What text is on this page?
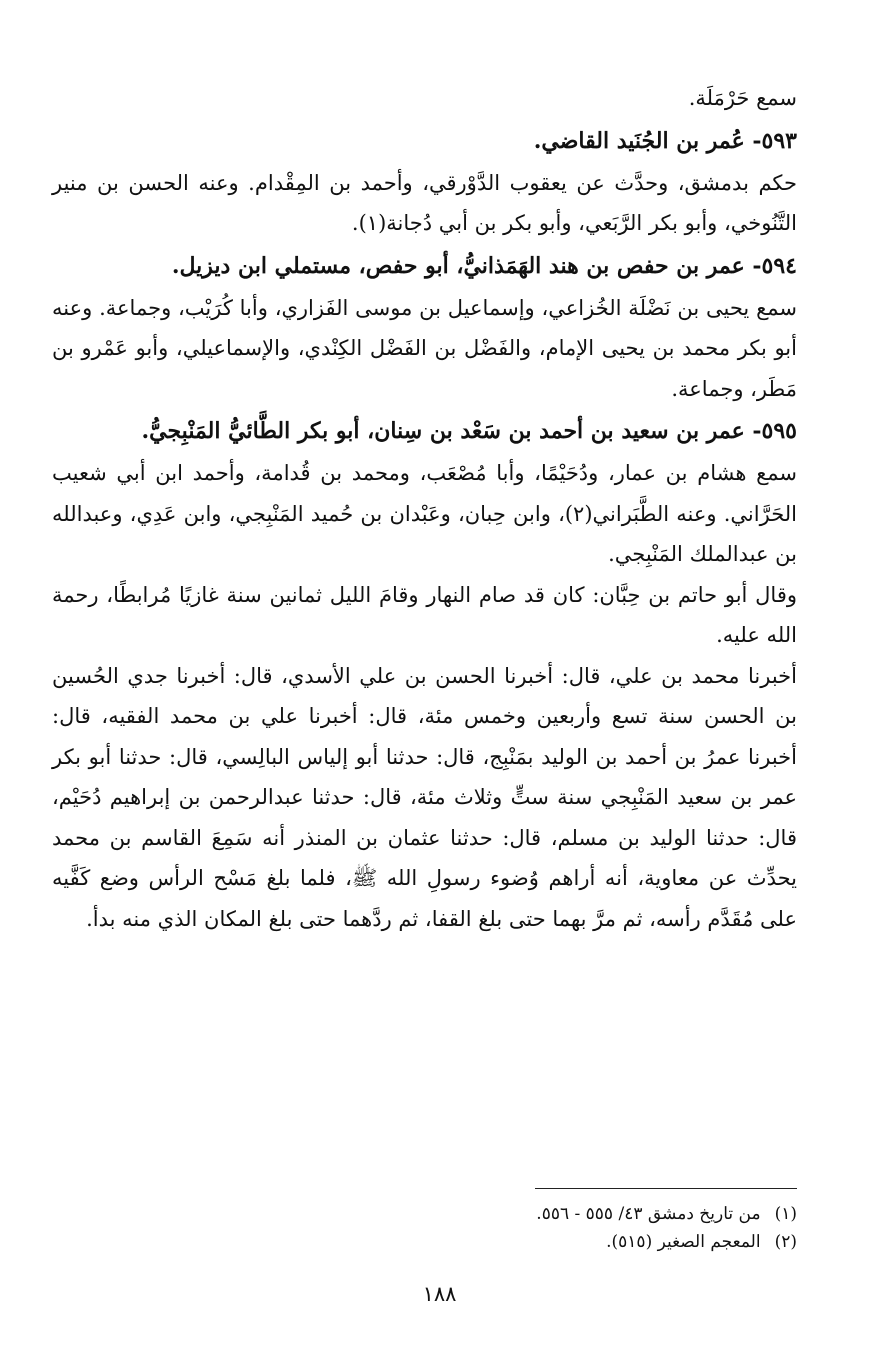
سمع حَرْمَلَة.

٥٩٣- عُمر بن الجُنَيد القاضي.

حكم بدمشق، وحدَّث عن يعقوب الدَّوْرقي، وأحمد بن المِقْدام. وعنه الحسن بن منير التَّنُوخي، وأبو بكر الرَّبَعي، وأبو بكر بن أبي دُجانة(١).

٥٩٤- عمر بن حفص بن هند الهَمَذانيُّ، أبو حفص، مستملي ابن ديزيل.

سمع يحيى بن نَضْلَة الخُزاعي، وإسماعيل بن موسى الفَزاري، وأبا كُرَيْب، وجماعة. وعنه أبو بكر محمد بن يحيى الإمام، والفَضْل بن الفَضْل الكِنْدي، والإسماعيلي، وأبو عَمْرو بن مَطَر، وجماعة.

٥٩٥- عمر بن سعيد بن أحمد بن سَعْد بن سِنان، أبو بكر الطَّائيُّ المَنْبِجيُّ.

سمع هشام بن عمار، ودُحَيْمًا، وأبا مُصْعَب، ومحمد بن قُدامة، وأحمد ابن أبي شعيب الحَرَّاني. وعنه الطَّبَراني(٢)، وابن حِبان، وعَبْدان بن حُميد المَنْبِجي، وابن عَدِي، وعبدالله بن عبدالملك المَنْبِجي.

وقال أبو حاتم بن حِبَّان: كان قد صام النهار وقامَ الليل ثمانين سنة غازيًا مُرابطًا، رحمة الله عليه.

أخبرنا محمد بن علي، قال: أخبرنا الحسن بن علي الأسدي، قال: أخبرنا جدي الحُسين بن الحسن سنة تسع وأربعين وخمس مئة، قال: أخبرنا علي بن محمد الفقيه، قال: أخبرنا عمرُ بن أحمد بن الوليد بمَنْبِج، قال: حدثنا أبو إلياس البالِسي، قال: حدثنا أبو بكر عمر بن سعيد المَنْبِجي سنة ستٍّ وثلاث مئة، قال: حدثنا عبدالرحمن بن إبراهيم دُحَيْم، قال: حدثنا الوليد بن مسلم، قال: حدثنا عثمان بن المنذر أنه سَمِعَ القاسم بن محمد يحدِّث عن معاوية، أنه أراهم وُضوء رسولِ الله ﷺ، فلما بلغ مَسْح الرأس وضع كَفَّيه على مُقَدَّم رأسه، ثم مرَّ بهما حتى بلغ القفا، ثم ردَّهما حتى بلغ المكان الذي منه بدأ.

(١)من تاريخ دمشق ٤٣/ ٥٥٥ - ٥٥٦.
(٢)المعجم الصغير (٥١٥).
١٨٨
